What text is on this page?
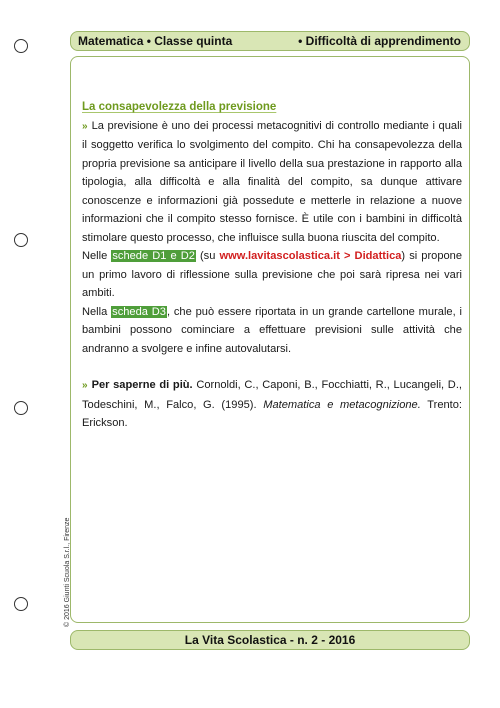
Matematica • Classe quinta	• Difficoltà di apprendimento

La consapevolezza della previsione

» La previsione è uno dei processi metacognitivi di controllo mediante i quali il soggetto verifica lo svolgimento del compito. Chi ha consapevolezza della propria previsione sa anticipare il livello della sua prestazione in rapporto alla tipologia, alla difficoltà e alla finalità del compito, sa dunque attivare conoscenze e informazioni già possedute e metterle in relazione a nuove informazioni che il compito stesso fornisce. È utile con i bambini in difficoltà stimolare questo processo, che influisce sulla buona riuscita del compito.

Nelle schede D1 e D2 (su www.lavitascolastica.it > Didattica) si propone un primo lavoro di riflessione sulla previsione che poi sarà ripresa nei vari ambiti.

Nella scheda D3, che può essere riportata in un grande cartellone murale, i bambini possono cominciare a effettuare previsioni sulle attività che andranno a svolgere e infine autovalutarsi.

» Per saperne di più. Cornoldi, C., Caponi, B., Focchiatti, R., Lucangeli, D., Todeschini, M., Falco, G. (1995). Matematica e metacognizione. Trento: Erickson.

© 2016 Giunti Scuola S.r.l., Firenze
La Vita Scolastica - n. 2 - 2016
